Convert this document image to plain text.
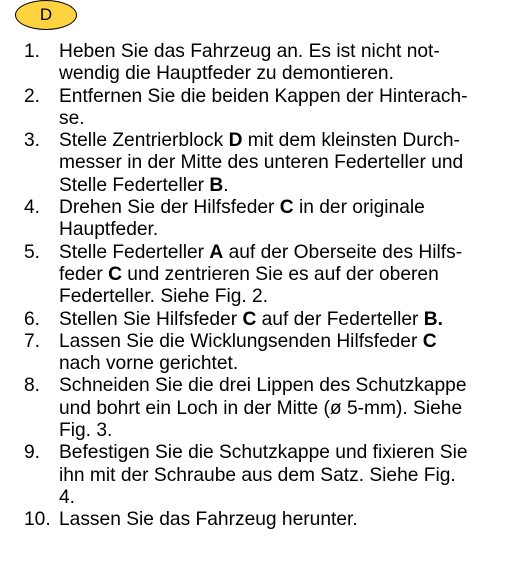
D
1. Heben Sie das Fahrzeug an. Es ist nicht not-
wendig die Hauptfeder zu demontieren.
2. Entfernen Sie die beiden Kappen der Hinterach-
se.
3. Stelle Zentrierblock D mit dem kleinsten Durch-
messer in der Mitte des unteren Federteller und
Stelle Federteller B.
4. Drehen Sie der Hilfsfeder C in der originale
Hauptfeder.
5. Stelle Federteller A auf der Oberseite des Hilfs-
feder C und zentrieren Sie es auf der oberen
Federteller. Siehe Fig. 2.
6. Stellen Sie Hilfsfeder C auf der Federteller B.
7. Lassen Sie die Wicklungsenden Hilfsfeder C
nach vorne gerichtet.
8. Schneiden Sie die drei Lippen des Schutzkappe
und bohrt ein Loch in der Mitte (ø 5-mm). Siehe
Fig. 3.
9. Befestigen Sie die Schutzkappe und fixieren Sie
ihn mit der Schraube aus dem Satz. Siehe Fig.
4.
10. Lassen Sie das Fahrzeug herunter.
